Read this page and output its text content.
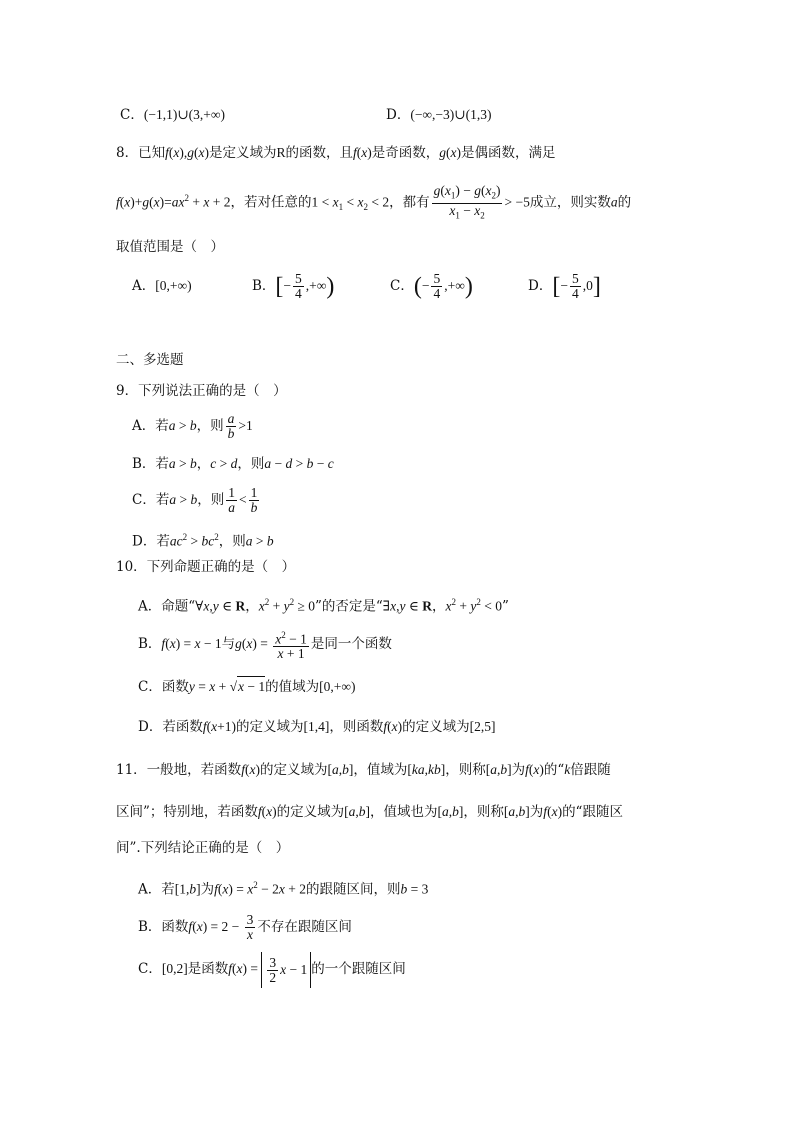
C．(−1,1)∪(3,+∞)	D．(−∞,−3)∪(1,3)
8．已知f(x),g(x)是定义域为R的函数，且f(x)是奇函数，g(x)是偶函数，满足
$f(x)+g(x)=ax^2 + x + 2$，若对任意的$1 < x_1 < x_2 < 2$，都有 $\frac{g(x_1) - g(x_2)}{x_1 - x_2} > -5$成立，则实数a的
取值范围是（　）
A．[0,+∞)	B．[− $\frac{5}{4}$ ,+∞)	C．(− $\frac{5}{4}$ ,+∞)	D．[− $\frac{5}{4} ,0$]
二、多选题
9．下列说法正确的是（　）
A．若a > b，则 $\frac{a}{b} >1$
B．若a > b，c > d，则a − d > b − c
C．若a > b，则 $\frac{1}{a} < \frac{1}{b}$
D．若$ac^2 > bc^2$，则a > b
10．下列命题正确的是（　）
A．命题“∀x,y ∈ R，$x^2 + y^2 \ge 0$”的否定是“∃x,y ∈ R，$x^2 + y^2 < 0$”
B．f(x) = x − 1与$g(x) = \frac{x^2 - 1}{x + 1}$ 是同一个函数
C．函数y = x + √x − 1的值域为[0,+∞)
D．若函数f(x+1)的定义域为[1,4]，则函数f(x)的定义域为[2,5]
11．一般地，若函数f(x)的定义域为[a,b]，值域为[ka,kb]，则称[a,b]为f(x)的“k倍跟随
区间”；特别地，若函数f(x)的定义域为[a,b]，值域也为[a,b]，则称[a,b]为f(x)的“跟随区
间”.下列结论正确的是（　）
A．若[1,b]为$f(x) = x^2 - 2x + 2$的跟随区间，则b = 3
B．函数$f(x) = 2 - \frac{3}{x}$ 不存在跟随区间
C．[0,2]是函数$f(x) = \frac{3}{2}$ x − 1 的一个跟随区间
